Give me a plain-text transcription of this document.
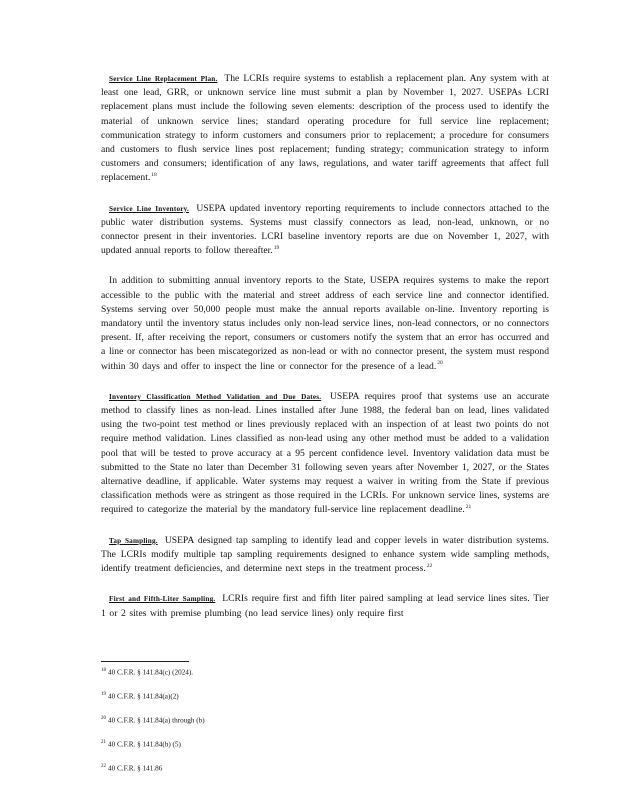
Service Line Replacement Plan. The LCRIs require systems to establish a replacement plan. Any system with at least one lead, GRR, or unknown service line must submit a plan by November 1, 2027. USEPAs LCRI replacement plans must include the following seven elements: description of the process used to identify the material of unknown service lines; standard operating procedure for full service line replacement; communication strategy to inform customers and consumers prior to replacement; a procedure for consumers and customers to flush service lines post replacement; funding strategy; communication strategy to inform customers and consumers; identification of any laws, regulations, and water tariff agreements that affect full replacement.$^{18}$

Service Line Inventory. USEPA updated inventory reporting requirements to include connectors attached to the public water distribution systems. Systems must classify connectors as lead, non-lead, unknown, or no connector present in their inventories. LCRI baseline inventory reports are due on November 1, 2027, with updated annual reports to follow thereafter.$^{19}$

In addition to submitting annual inventory reports to the State, USEPA requires systems to make the report accessible to the public with the material and street address of each service line and connector identified. Systems serving over 50,000 people must make the annual reports available on-line. Inventory reporting is mandatory until the inventory status includes only non-lead service lines, non-lead connectors, or no connectors present. If, after receiving the report, consumers or customers notify the system that an error has occurred and a line or connector has been miscategorized as non-lead or with no connector present, the system must respond within 30 days and offer to inspect the line or connector for the presence of a lead.$^{20}$

Inventory Classification Method Validation and Due Dates. USEPA requires proof that systems use an accurate method to classify lines as non-lead. Lines installed after June 1988, the federal ban on lead, lines validated using the two-point test method or lines previously replaced with an inspection of at least two points do not require method validation. Lines classified as non-lead using any other method must be added to a validation pool that will be tested to prove accuracy at a 95 percent confidence level. Inventory validation data must be submitted to the State no later than December 31 following seven years after November 1, 2027, or the States alternative deadline, if applicable. Water systems may request a waiver in writing from the State if previous classification methods were as stringent as those required in the LCRIs. For unknown service lines, systems are required to categorize the material by the mandatory full-service line replacement deadline.$^{21}$

Tap Sampling. USEPA designed tap sampling to identify lead and copper levels in water distribution systems. The LCRIs modify multiple tap sampling requirements designed to enhance system wide sampling methods, identify treatment deficiencies, and determine next steps in the treatment process.$^{22}$

First and Fifth-Liter Sampling. LCRIs require first and fifth liter paired sampling at lead service lines sites. Tier 1 or 2 sites with premise plumbing (no lead service lines) only require first

$^{18}$ 40 C.F.R. § 141.84(c) (2024).
$^{19}$ 40 C.F.R. § 141.84(a)(2)
$^{20}$ 40 C.F.R. § 141.84(a) through (b)
$^{21}$ 40 C.F.R. § 141.84(b) (5)
$^{22}$ 40 C.F.R. § 141.86
